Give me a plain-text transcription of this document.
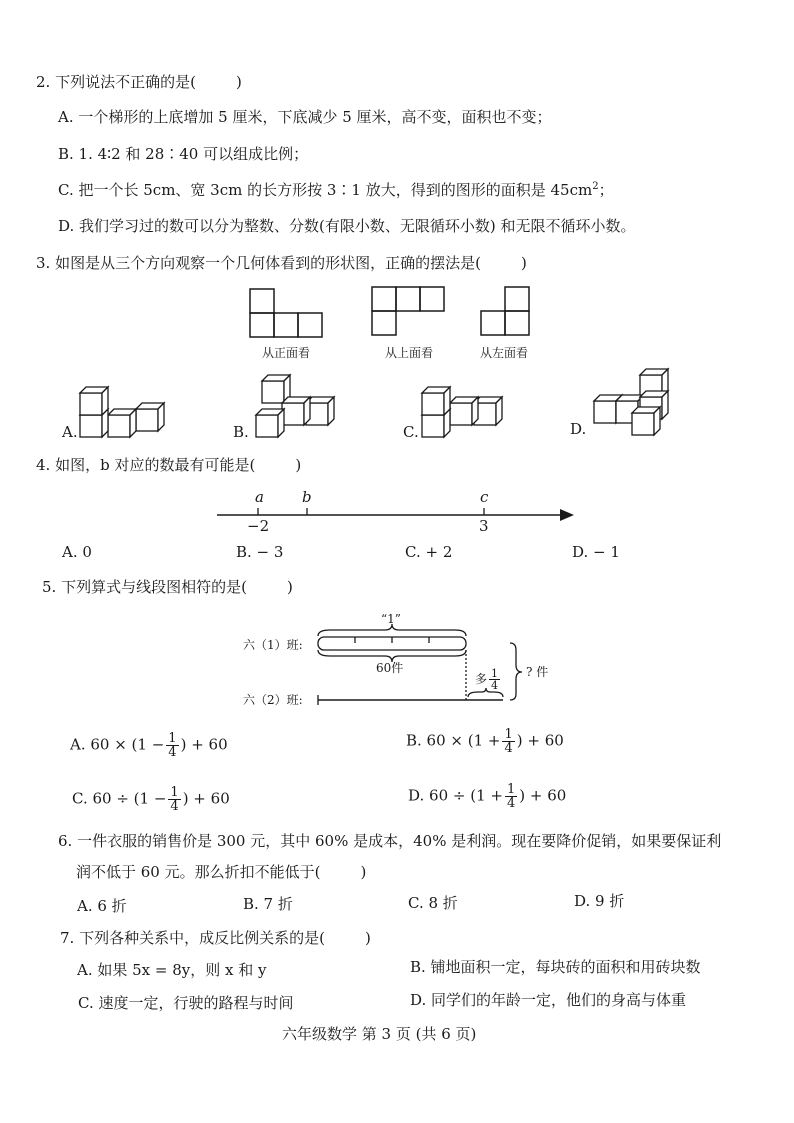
2. 下列说法不正确的是(	)
A. 一个梯形的上底增加 5 厘米，下底减少 5 厘米，高不变，面积也不变；
B. 1. 4∶2 和 28∶40 可以组成比例；
C. 把一个长 5cm、宽 3cm 的长方形按 3∶1 放大，得到的图形的面积是 $45cm^2$；
D. 我们学习过的数可以分为整数、分数(有限小数、无限循环小数) 和无限不循环小数。
3. 如图是从三个方向观察一个几何体看到的形状图，正确的摆法是(	)
从正面看	从上面看	从左面看
A.	B.	C.	D.
4. 如图，b 对应的数最有可能是(	)
a	b	c
−2	3
A. 0	B. − 3	C. + 2	D. − 1
5. 下列算式与线段图相符的是(	)
六（1）班:
六（2）班:
“1”
60件
多 $\frac{1}{4}$ ? 件
A. $60 \times (1 - \frac{1}{4}$ ) + 60	B. $60 \times (1 + \frac{1}{4}$ ) + 60
C. $60 \div (1 - \frac{1}{4}$ ) + 60	D. $60 \div (1 + \frac{1}{4}$ ) + 60
6. 一件衣服的销售价是 300 元，其中 60% 是成本，40% 是利润。现在要降价促销，如果要保证利
润不低于 60 元。那么折扣不能低于(	)
A. 6 折	B. 7 折	C. 8 折	D. 9 折
7. 下列各种关系中，成反比例关系的是(	)
A. 如果 5x = 8y，则 x 和 y	B. 铺地面积一定，每块砖的面积和用砖块数
C. 速度一定，行驶的路程与时间	D. 同学们的年龄一定，他们的身高与体重
六年级数学 第 3 页 (共 6 页)
